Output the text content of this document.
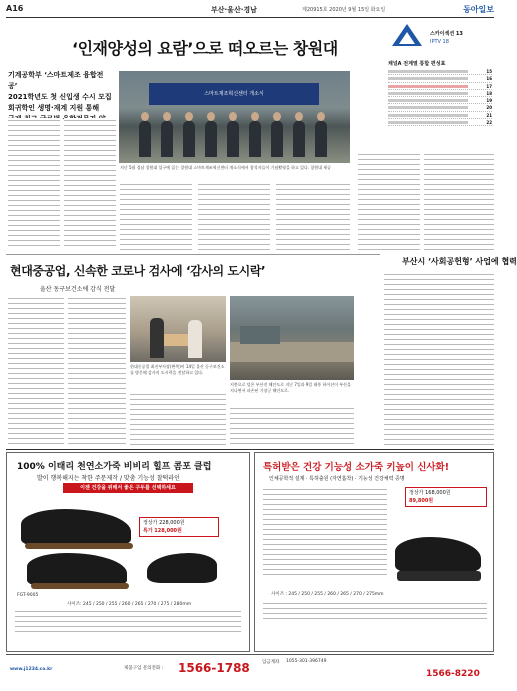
A16	부산·울산·경남	제20915호 2020년 9월 15일 화요일	동아일보
‘인재양성의 요람’으로 떠오르는 창원대
기계공학부 ‘스마트제조 융합전공’
2021학년도 첫 신입생 수시 모집
회귀학인 생명·재계 지원 통해
스마트제조혁신센터 개소식
지난 5월 경남 창원대 입구에 있는 창원대 스마트제조혁신센터 개소식에서 참석자들이 기념촬영을 하고 있다. 창원대 제공
스카이섹션 13
IPTV 18
채널A 전계열 통합 편성표
15
16
17
18
19
20
21
22
부산시 ‘사회공헌형’ 사업에 협력
현대중공업, 신속한 코로나 검사에 ‘감사의 도시락’
울산 동구보건소에 감식 전달
현대중공업 최진부사장(왼쪽)이 14일 울산 동구보건소를 방문해 감사의 도시락을 전달하고 있다.
지붕으로 덮은 부산진 해안도로 지난 7일과 9일 태풍 하이선이 부산을 지나면서 파손된 기장군 해안도로.
100% 이태리 천연소가죽 비비리 힐프 콤포 클럽
발이 행복해지는 착한 주문제작 / 맞춤 기능성 찰떡라인
이젠 건강을 위해서 좋은 구두를 선택하세요
FGT-9005
정상가 228,000원
특가 128,000원
사이즈: 245 / 250 / 255 / 260 / 265 / 270 / 275 / 280mm
특허받은 건강 기능성 소가죽 키높이 신사화!
인체공학적 설계 · 특허출원 (자연흡착) · 기능성 건강체력 증명
정상가 168,000원
89,800원
사이즈 : 245 / 250 / 255 / 260 / 265 / 270 / 275mm
www.j1234.co.kr	제품구입 문의전화 : 1566-1788	입금계좌 1055-301-396749
1566-8220
